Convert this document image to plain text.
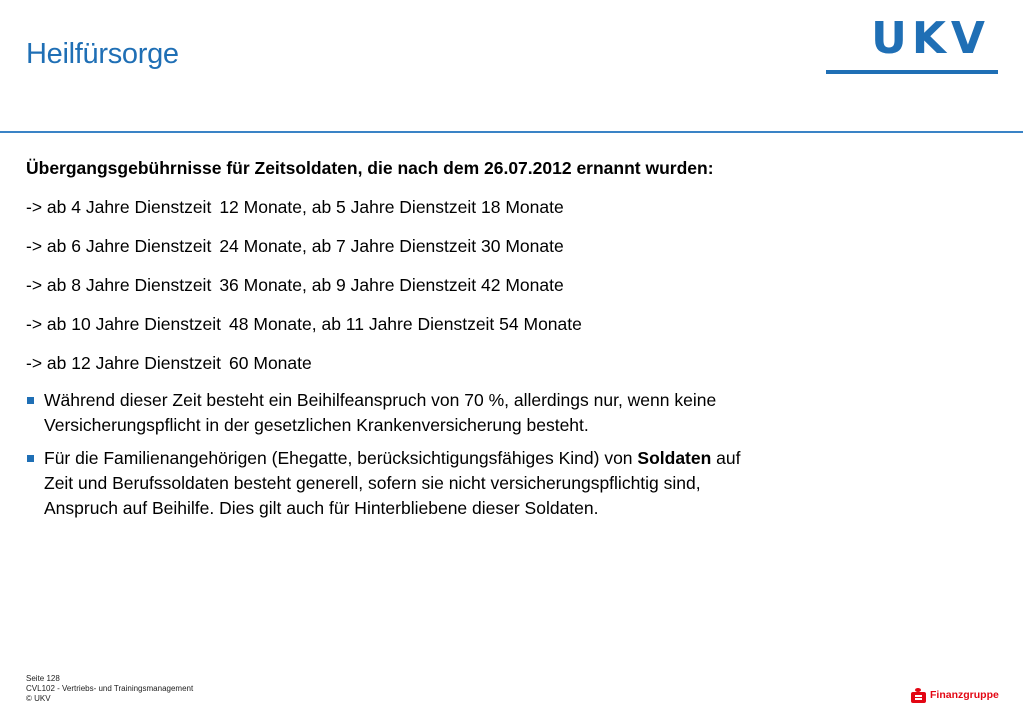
Heilfürsorge	UKV
Übergangsgebührnisse für Zeitsoldaten, die nach dem 26.07.2012 ernannt wurden:
-> ab 4 Jahre Dienstzeit 12 Monate, ab 5 Jahre Dienstzeit 18 Monate
-> ab 6 Jahre Dienstzeit 24 Monate, ab 7 Jahre Dienstzeit 30 Monate
-> ab 8 Jahre Dienstzeit 36 Monate, ab 9 Jahre Dienstzeit 42 Monate
-> ab 10 Jahre Dienstzeit 48 Monate, ab 11 Jahre Dienstzeit 54 Monate
-> ab 12 Jahre Dienstzeit 60 Monate
Während dieser Zeit besteht ein Beihilfeanspruch von 70 %, allerdings nur, wenn keine
Versicherungspflicht in der gesetzlichen Krankenversicherung besteht.
Für die Familienangehörigen (Ehegatte, berücksichtigungsfähiges Kind) von Soldaten auf
Zeit und Berufssoldaten besteht generell, sofern sie nicht versicherungspflichtig sind,
Anspruch auf Beihilfe. Dies gilt auch für Hinterbliebene dieser Soldaten.
Seite 128
CVL102 - Vertriebs- und Trainingsmanagement
© UKV	Finanzgruppe
